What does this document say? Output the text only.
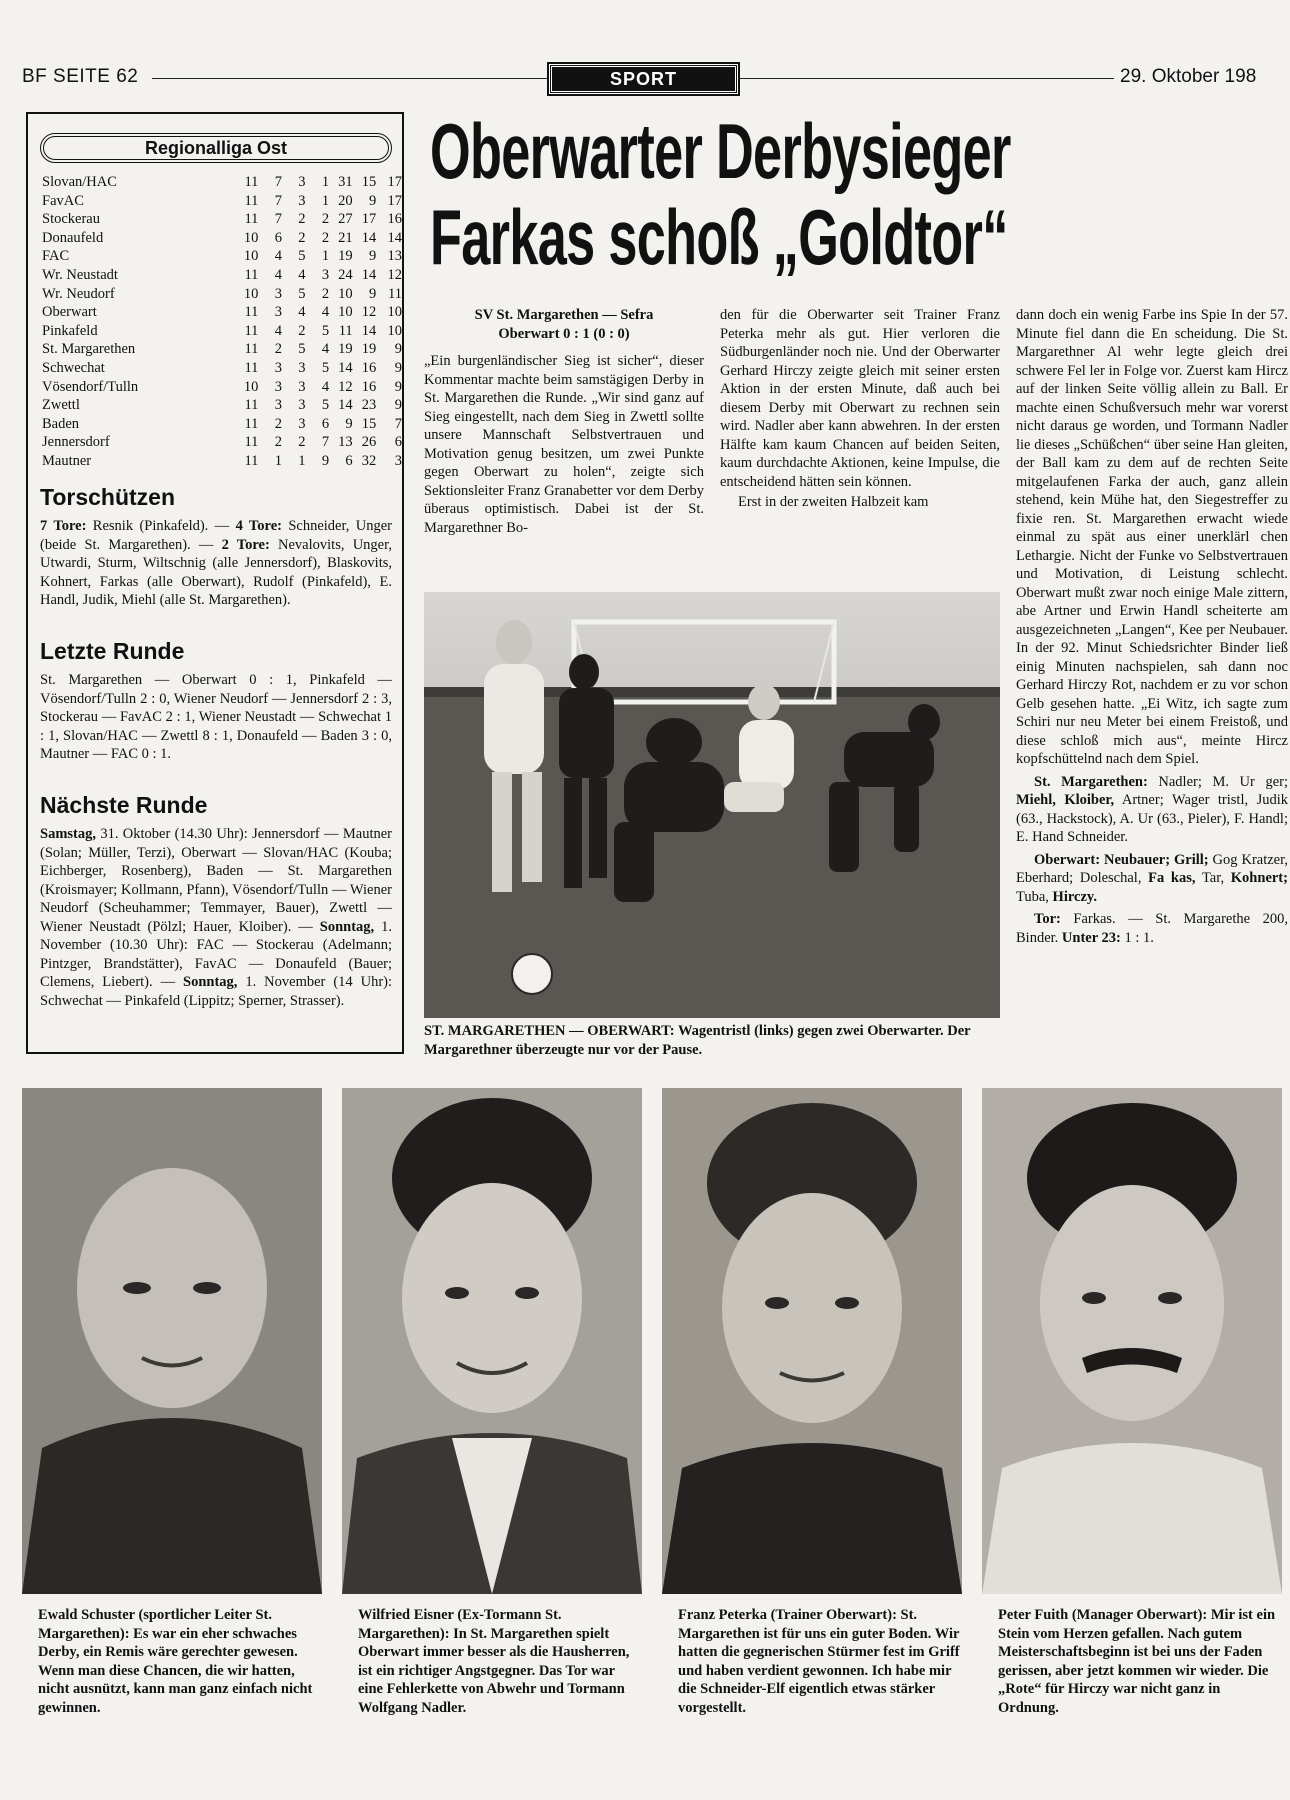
BF SEITE 62	SPORT	29. Oktober 198
Regionalliga Ost
Slovan/HAC	11	7	3	1	31	15	17
FavAC	11	7	3	1	20	9	17
Stockerau	11	7	2	2	27	17	16
Donaufeld	10	6	2	2	21	14	14
FAC	10	4	5	1	19	9	13
Wr. Neustadt	11	4	4	3	24	14	12
Wr. Neudorf	10	3	5	2	10	9	11
Oberwart	11	3	4	4	10	12	10
Pinkafeld	11	4	2	5	11	14	10
St. Margarethen	11	2	5	4	19	19	9
Schwechat	11	3	3	5	14	16	9
Vösendorf/Tulln	10	3	3	4	12	16	9
Zwettl	11	3	3	5	14	23	9
Baden	11	2	3	6	9	15	7
Jennersdorf	11	2	2	7	13	26	6
Mautner	11	1	1	9	6	32	3
Torschützen
7 Tore: Resnik (Pinkafeld). — 4 Tore: Schneider, Unger (beide St. Margarethen). — 2 Tore: Nevalovits, Unger, Utwardi, Sturm, Wiltschnig (alle Jennersdorf), Blaskovits, Kohnert, Farkas (alle Oberwart), Rudolf (Pinkafeld), E. Handl, Judik, Miehl (alle St. Margarethen).
Letzte Runde
St. Margarethen — Oberwart 0 : 1, Pinkafeld — Vösendorf/Tulln 2 : 0, Wiener Neudorf — Jennersdorf 2 : 3, Stockerau — FavAC 2 : 1, Wiener Neustadt — Schwechat 1 : 1, Slovan/HAC — Zwettl 8 : 1, Donaufeld — Baden 3 : 0, Mautner — FAC 0 : 1.
Nächste Runde
Samstag, 31. Oktober (14.30 Uhr): Jennersdorf — Mautner (Solan; Müller, Terzi), Oberwart — Slovan/HAC (Kouba; Eichberger, Rosenberg), Baden — St. Margarethen (Kroismayer; Kollmann, Pfann), Vösendorf/Tulln — Wiener Neudorf (Scheuhammer; Temmayer, Bauer), Zwettl — Wiener Neustadt (Pölzl; Hauer, Kloiber). — Sonntag, 1. November (10.30 Uhr): FAC — Stockerau (Adelmann; Pintzger, Brandstätter), FavAC — Donaufeld (Bauer; Clemens, Liebert). — Sonntag, 1. November (14 Uhr): Schwechat — Pinkafeld (Lippitz; Sperner, Strasser).
Oberwarter Derbysieger
Farkas schoß „Goldtor“
SV St. Margarethen — Sefra
Oberwart 0 : 1 (0 : 0)

„Ein burgenländischer Sieg ist sicher“, dieser Kommentar machte beim samstägigen Derby in St. Margarethen die Runde. „Wir sind ganz auf Sieg eingestellt, nach dem Sieg in Zwettl sollte unsere Mannschaft Selbstvertrauen und Motivation genug besitzen, um zwei Punkte gegen Oberwart zu holen“, zeigte sich Sektionsleiter Franz Granabetter vor dem Derby überaus optimistisch. Dabei ist der St. Margarethner Bo-

den für die Oberwarter seit Trainer Franz Peterka mehr als gut. Hier verloren die Südburgenländer noch nie. Und der Oberwarter Gerhard Hirczy zeigte gleich mit seiner ersten Aktion in der ersten Minute, daß auch bei diesem Derby mit Oberwart zu rechnen sein wird. Nadler aber kann abwehren. In der ersten Hälfte kam kaum Chancen auf beiden Seiten, kaum durchdachte Aktionen, keine Impulse, die entscheidend hätten sein können.

Erst in der zweiten Halbzeit kam

dann doch ein wenig Farbe ins Spie In der 57. Minute fiel dann die En scheidung. Die St. Margarethner Al wehr legte gleich drei schwere Fel ler in Folge vor. Zuerst kam Hircz auf der linken Seite völlig allein zu Ball. Er machte einen Schußversuch mehr war vorerst nicht daraus ge worden, und Tormann Nadler lie dieses „Schüßchen“ über seine Han gleiten, der Ball kam zu dem auf de rechten Seite mitgelaufenen Farka der auch, ganz allein stehend, kein Mühe hat, den Siegestreffer zu fixie ren. St. Margarethen erwacht wiede einmal zu spät aus einer unerklärl chen Lethargie. Nicht der Funke vo Selbstvertrauen und Motivation, di Leistung schlecht. Oberwart mußt zwar noch einige Male zittern, abe Artner und Erwin Handl scheiterte am ausgezeichneten „Langen“, Kee per Neubauer. In der 92. Minut Schiedsrichter Binder ließ einig Minuten nachspielen, sah dann noc Gerhard Hirczy Rot, nachdem er zu vor schon Gelb gesehen hatte. „Ei Witz, ich sagte zum Schiri nur neu Meter bei einem Freistoß, und diese schloß mich aus“, meinte Hircz kopfschüttelnd nach dem Spiel.

St. Margarethen: Nadler; M. Ur ger; Miehl, Kloiber, Artner; Wager tristl, Judik (63., Hackstock), A. Ur (63., Pieler), F. Handl; E. Hand Schneider.

Oberwart: Neubauer; Grill; Gog Kratzer, Eberhard; Doleschal, Fa kas, Tar, Kohnert; Tuba, Hirczy.

Tor: Farkas. — St. Margarethe 200, Binder. Unter 23: 1 : 1.

ST. MARGARETHEN — OBERWART: Wagentristl (links) gegen zwei Oberwarter. Der Margarethner überzeugte nur vor der Pause.
Ewald Schuster (sportlicher Leiter St. Margarethen): Es war ein eher schwaches Derby, ein Remis wäre gerechter gewesen. Wenn man diese Chancen, die wir hatten, nicht ausnützt, kann man ganz einfach nicht gewinnen.
Wilfried Eisner (Ex-Tormann St. Margarethen): In St. Margarethen spielt Oberwart immer besser als die Hausherren, ist ein richtiger Angstgegner. Das Tor war eine Fehlerkette von Abwehr und Tormann Wolfgang Nadler.
Franz Peterka (Trainer Oberwart): St. Margarethen ist für uns ein guter Boden. Wir hatten die gegnerischen Stürmer fest im Griff und haben verdient gewonnen. Ich habe mir die Schneider-Elf eigentlich etwas stärker vorgestellt.
Peter Fuith (Manager Oberwart): Mir ist ein Stein vom Herzen gefallen. Nach gutem Meisterschaftsbeginn ist bei uns der Faden gerissen, aber jetzt kommen wir wieder. Die „Rote“ für Hirczy war nicht ganz in Ordnung.
